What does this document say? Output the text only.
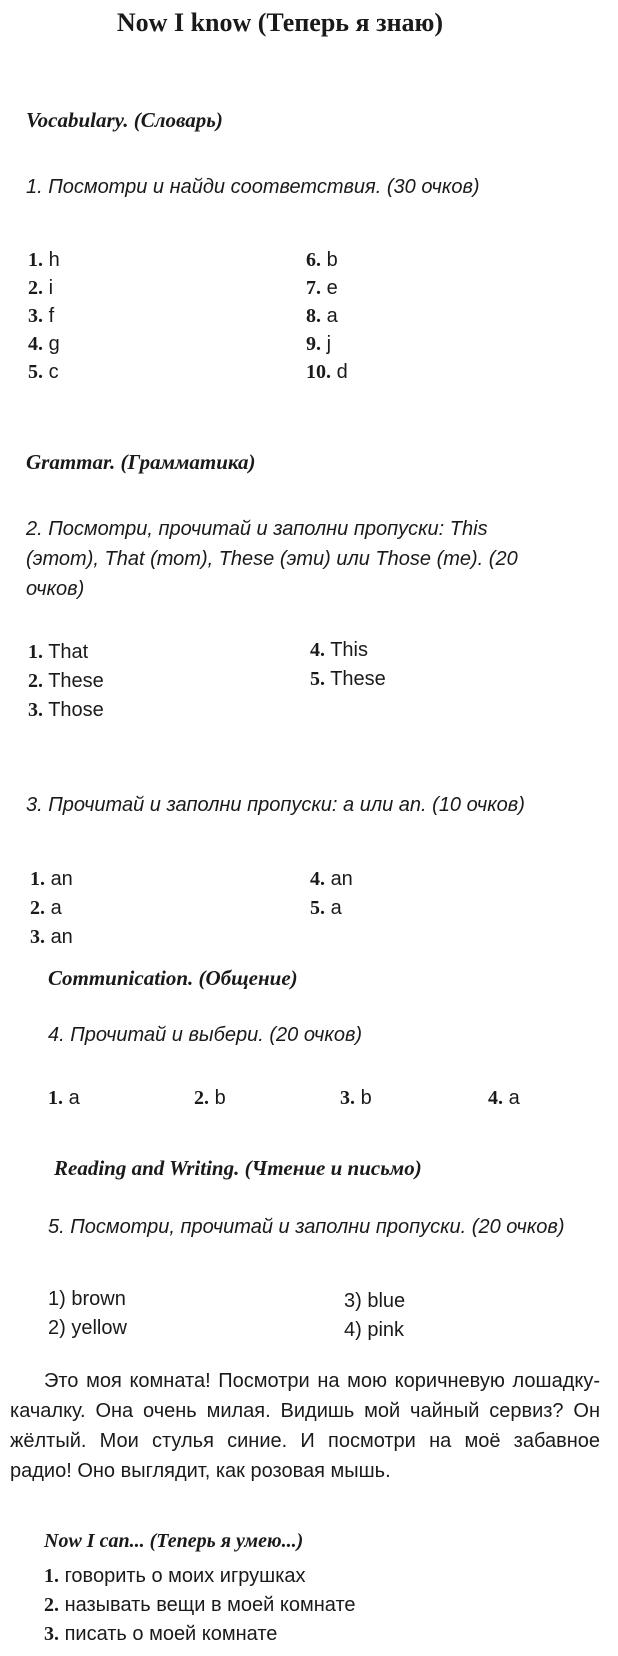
Now I know (Теперь я знаю)
Vocabulary. (Словарь)
1. Посмотри и найди соответствия. (30 очков)
1. h
2. i
3. f
4. g
5. c
6. b
7. e
8. a
9. j
10. d
Grammar. (Грамматика)
2. Посмотри, прочитай и заполни пропуски: This (этот), That (тот), These (эти) или Those (те). (20 очков)
1. That
2. These
3. Those
4. This
5. These
3. Прочитай и заполни пропуски: a или an. (10 очков)
1. an
2. a
3. an
4. an
5. a
Communication. (Общение)
4. Прочитай и выбери. (20 очков)
1. a	2. b	3. b	4. a
Reading and Writing. (Чтение и письмо)
5. Посмотри, прочитай и заполни пропуски. (20 очков)
1) brown
2) yellow
3) blue
4) pink
Это моя комната! Посмотри на мою коричневую лошадку-качалку. Она очень милая. Видишь мой чайный сервиз? Он жёлтый. Мои стулья синие. И посмотри на моё забавное радио! Оно выглядит, как розовая мышь.
Now I can... (Теперь я умею...)
1. говорить о моих игрушках
2. называть вещи в моей комнате
3. писать о моей комнате
